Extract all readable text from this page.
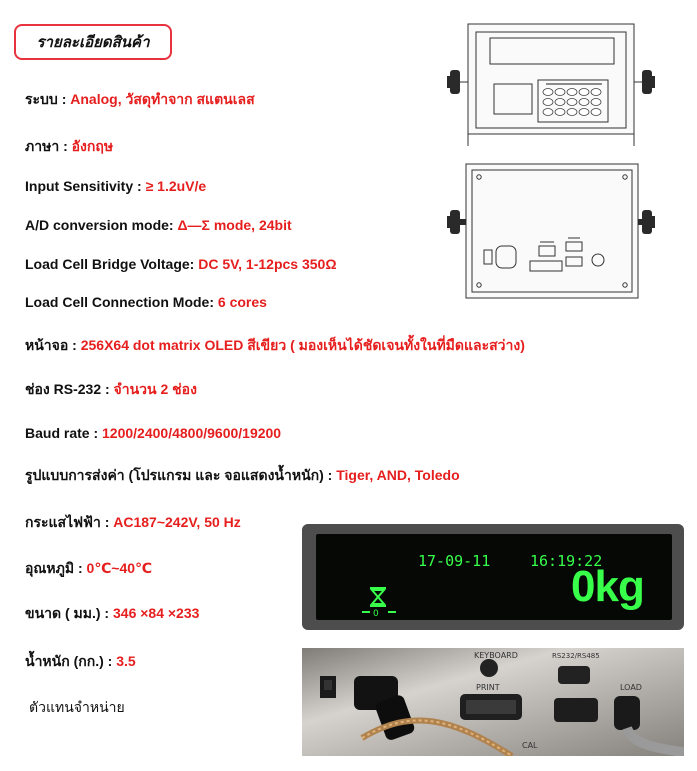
รายละเอียดสินค้า
ระบบ : Analog, วัสดุทำจาก สแตนเลส
ภาษา : อังกฤษ
Input Sensitivity : ≥ 1.2uV/e
A/D conversion mode: Δ—Σ mode, 24bit
Load Cell Bridge Voltage: DC 5V, 1-12pcs 350Ω
Load Cell Connection Mode: 6 cores
หน้าจอ : 256X64 dot matrix OLED สีเขียว ( มองเห็นได้ชัดเจนทั้งในที่มืดและสว่าง)
ช่อง RS-232 : จำนวน 2 ช่อง
Baud rate : 1200/2400/4800/9600/19200
รูปแบบการส่งค่า (โปรแกรม และ จอแสดงน้ำหนัก) : Tiger, AND, Toledo
กระแสไฟฟ้า : AC187~242V, 50 Hz
อุณหภูมิ : 0℃~40℃
ขนาด ( มม.) : 346 ×84 ×233
น้ำหนัก (กก.) : 3.5
ตัวแทนจำหน่าย
17-09-11	16:19:22
0
0kg
KEYBOARD	RS232/RS485
PRINT	LOAD
CAL
